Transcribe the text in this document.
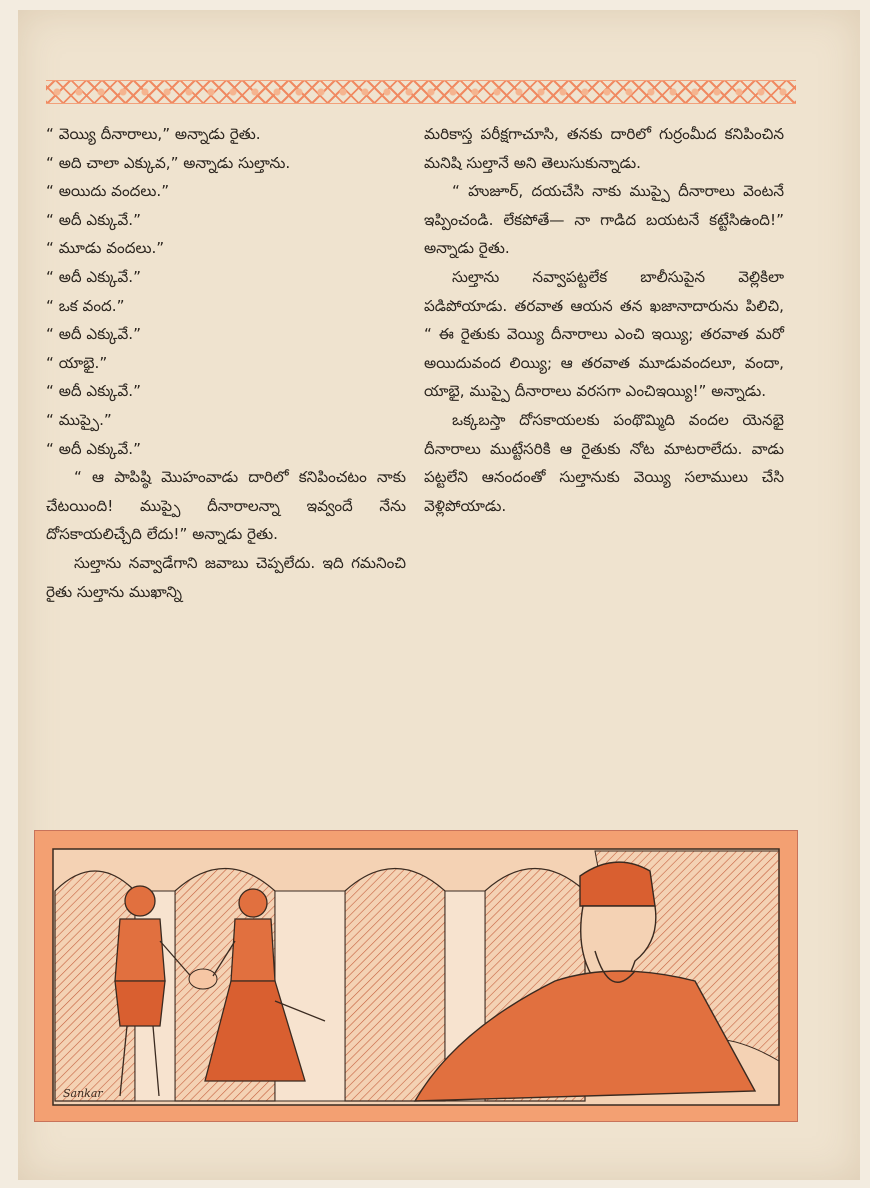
“ వెయ్యి దీనారాలు,” అన్నాడు రైతు.

“ అది చాలా ఎక్కువ,” అన్నాడు సుల్తాను.

“ అయిదు వందలు.”

“ అదీ ఎక్కువే.”

“ మూడు వందలు.”

“ అదీ ఎక్కువే.”

“ ఒక వంద.”

“ అదీ ఎక్కువే.”

“ యాభై.”

“ అదీ ఎక్కువే.”

“ ముప్పై.”

“ అదీ ఎక్కువే.”

“ ఆ పాపిష్ఠి మొహంవాడు దారిలో కనిపించటం నాకు చేటయింది! ముప్పై దీనారాలన్నా ఇవ్వందే నేను దోసకాయలిచ్చేది లేదు!” అన్నాడు రైతు.

సుల్తాను నవ్వాడేగాని జవాబు చెప్పలేదు. ఇది గమనించి రైతు సుల్తాను ముఖాన్ని

మరికాస్త పరీక్షగాచూసి, తనకు దారిలో గుర్రంమీద కనిపించిన మనిషి సుల్తానే అని తెలుసుకున్నాడు.

“ హుజూర్, దయచేసి నాకు ముప్పై దీనారాలు వెంటనే ఇప్పించండి. లేకపోతే— నా గాడిద బయటనే కట్టేసిఉంది!” అన్నాడు రైతు.

సుల్తాను నవ్వాపట్టలేక బాలీసుపైన వెల్లికిలా పడిపోయాడు. తరవాత ఆయన తన ఖజానాదారును పిలిచి, “ ఈ రైతుకు వెయ్యి దీనారాలు ఎంచి ఇయ్యి; తరవాత మరో అయిదువంద లియ్యి; ఆ తరవాత మూడువందలూ, వందా, యాభై, ముప్పై దీనారాలు వరసగా ఎంచిఇయ్యి!” అన్నాడు.

ఒక్కబస్తా దోసకాయలకు పంథొమ్మిది వందల యెనభై దీనారాలు ముట్టేసరికి ఆ రైతుకు నోట మాటరాలేదు. వాడు పట్టలేని ఆనందంతో సుల్తానుకు వెయ్యి సలాములు చేసి వెళ్లిపోయాడు.

Sankar
